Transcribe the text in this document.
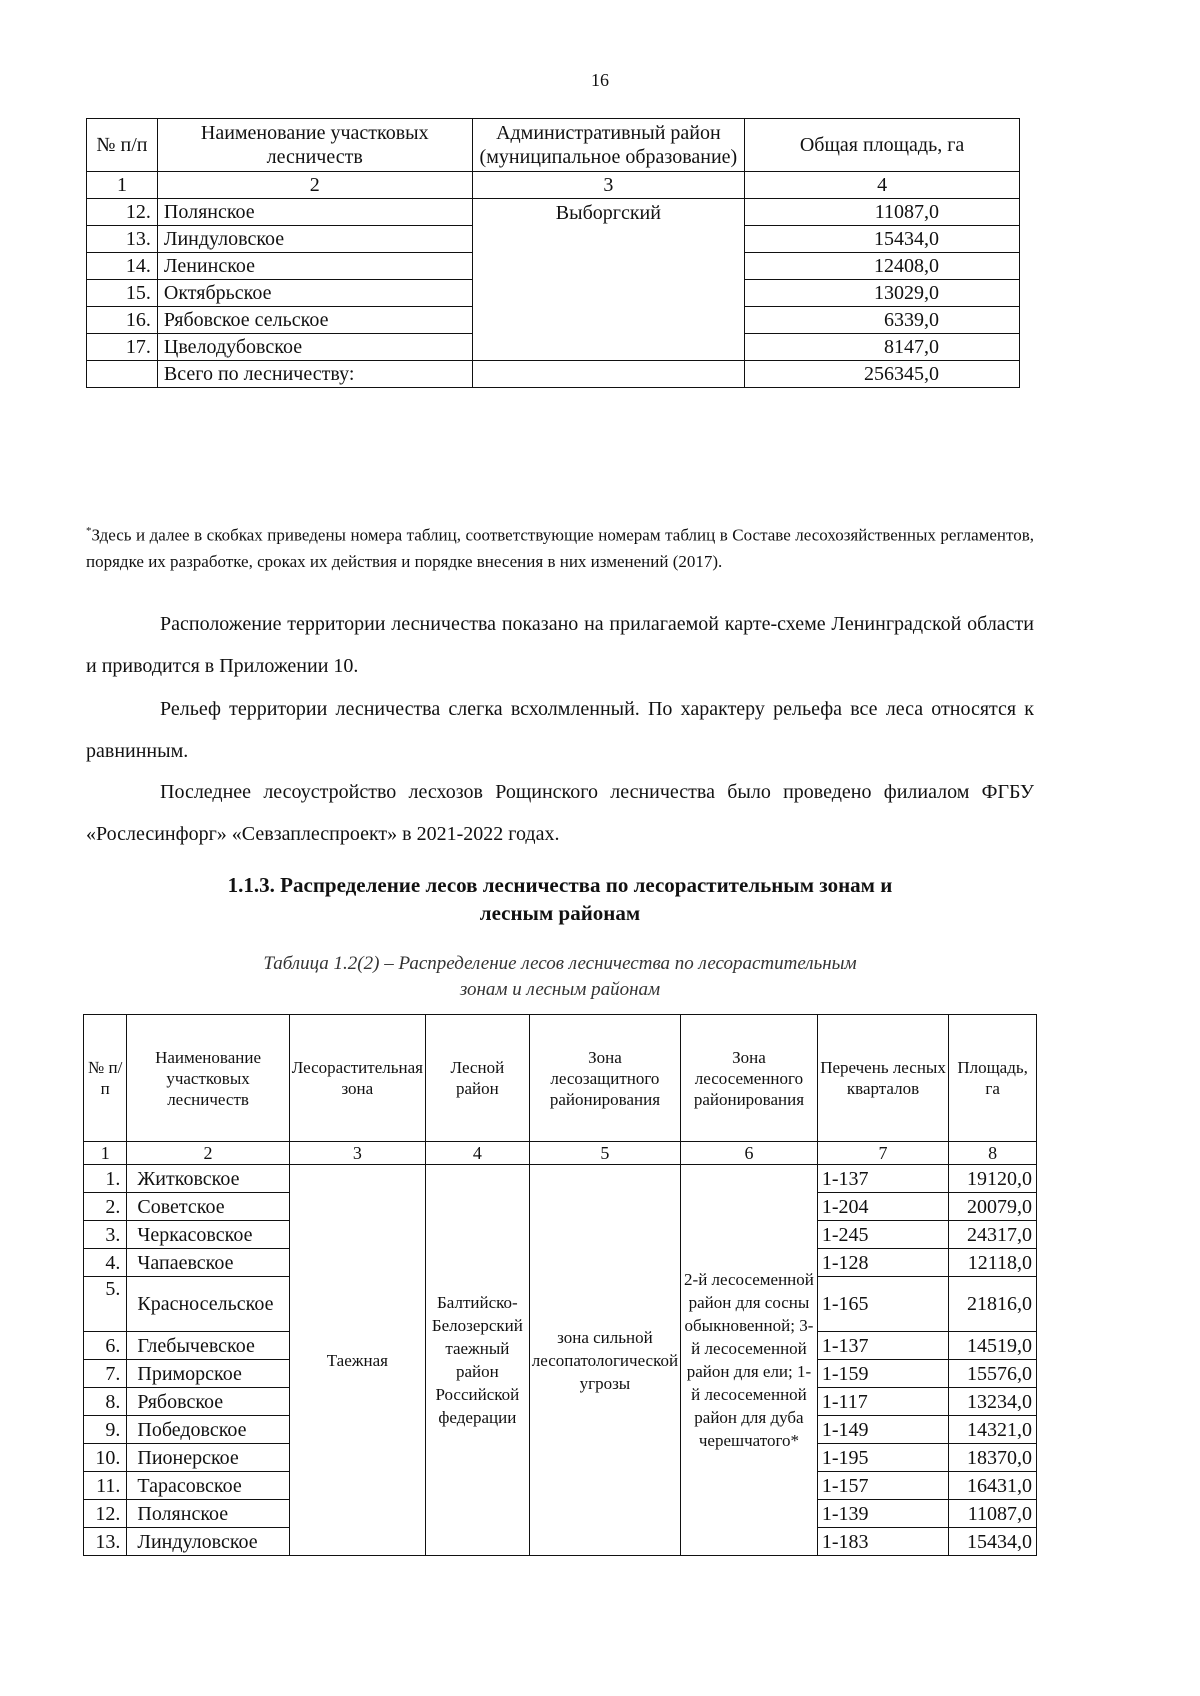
16
№ п/п	Наименование участковых лесничеств	Административный район (муниципальное образование)	Общая площадь, га
1	2	3	4
12.	Полянское	Выборгский	11087,0
13.	Линдуловское		15434,0
14.	Ленинское		12408,0
15.	Октябрьское		13029,0
16.	Рябовское сельское		6339,0
17.	Цвелодубовское		8147,0
	Всего по лесничеству:		256345,0
*Здесь и далее в скобках приведены номера таблиц, соответствующие номерам таблиц в Составе лесохозяйственных регламентов, порядке их разработке, сроках их действия и порядке внесения в них изменений (2017).
Расположение территории лесничества показано на прилагаемой карте-схеме Ленинградской области и приводится в Приложении 10.
Рельеф территории лесничества слегка всхолмленный. По характеру рельефа все леса относятся к равнинным.
Последнее лесоустройство лесхозов Рощинского лесничества было проведено филиалом ФГБУ «Рослесинфорг» «Севзаплеспроект» в 2021-2022 годах.
1.1.3. Распределение лесов лесничества по лесорастительным зонам и
лесным районам
Таблица 1.2(2) – Распределение лесов лесничества по лесорастительным
зонам и лесным районам
№ п/п	Наименование участковых лесничеств	Лесорастительная зона	Лесной район	Зона лесозащитного районирования	Зона лесосеменного районирования	Перечень лесных кварталов	Площадь, га
1	2	3	4	5	6	7	8
1.	Житковское	Таежная	Балтийско-Белозерский таежный район Российской федерации	зона сильной лесопатологической угрозы	2-й лесосеменной район для сосны обыкновенной; 3-й лесосеменной район для ели; 1-й лесосеменной район для дуба черешчатого*	1-137	19120,0
2.	Советское					1-204	20079,0
3.	Черкасовское					1-245	24317,0
4.	Чапаевское					1-128	12118,0
5.	Красносельское					1-165	21816,0
6.	Глебычевское					1-137	14519,0
7.	Приморское					1-159	15576,0
8.	Рябовское					1-117	13234,0
9.	Победовское					1-149	14321,0
10.	Пионерское					1-195	18370,0
11.	Тарасовское					1-157	16431,0
12.	Полянское					1-139	11087,0
13.	Линдуловское					1-183	15434,0
